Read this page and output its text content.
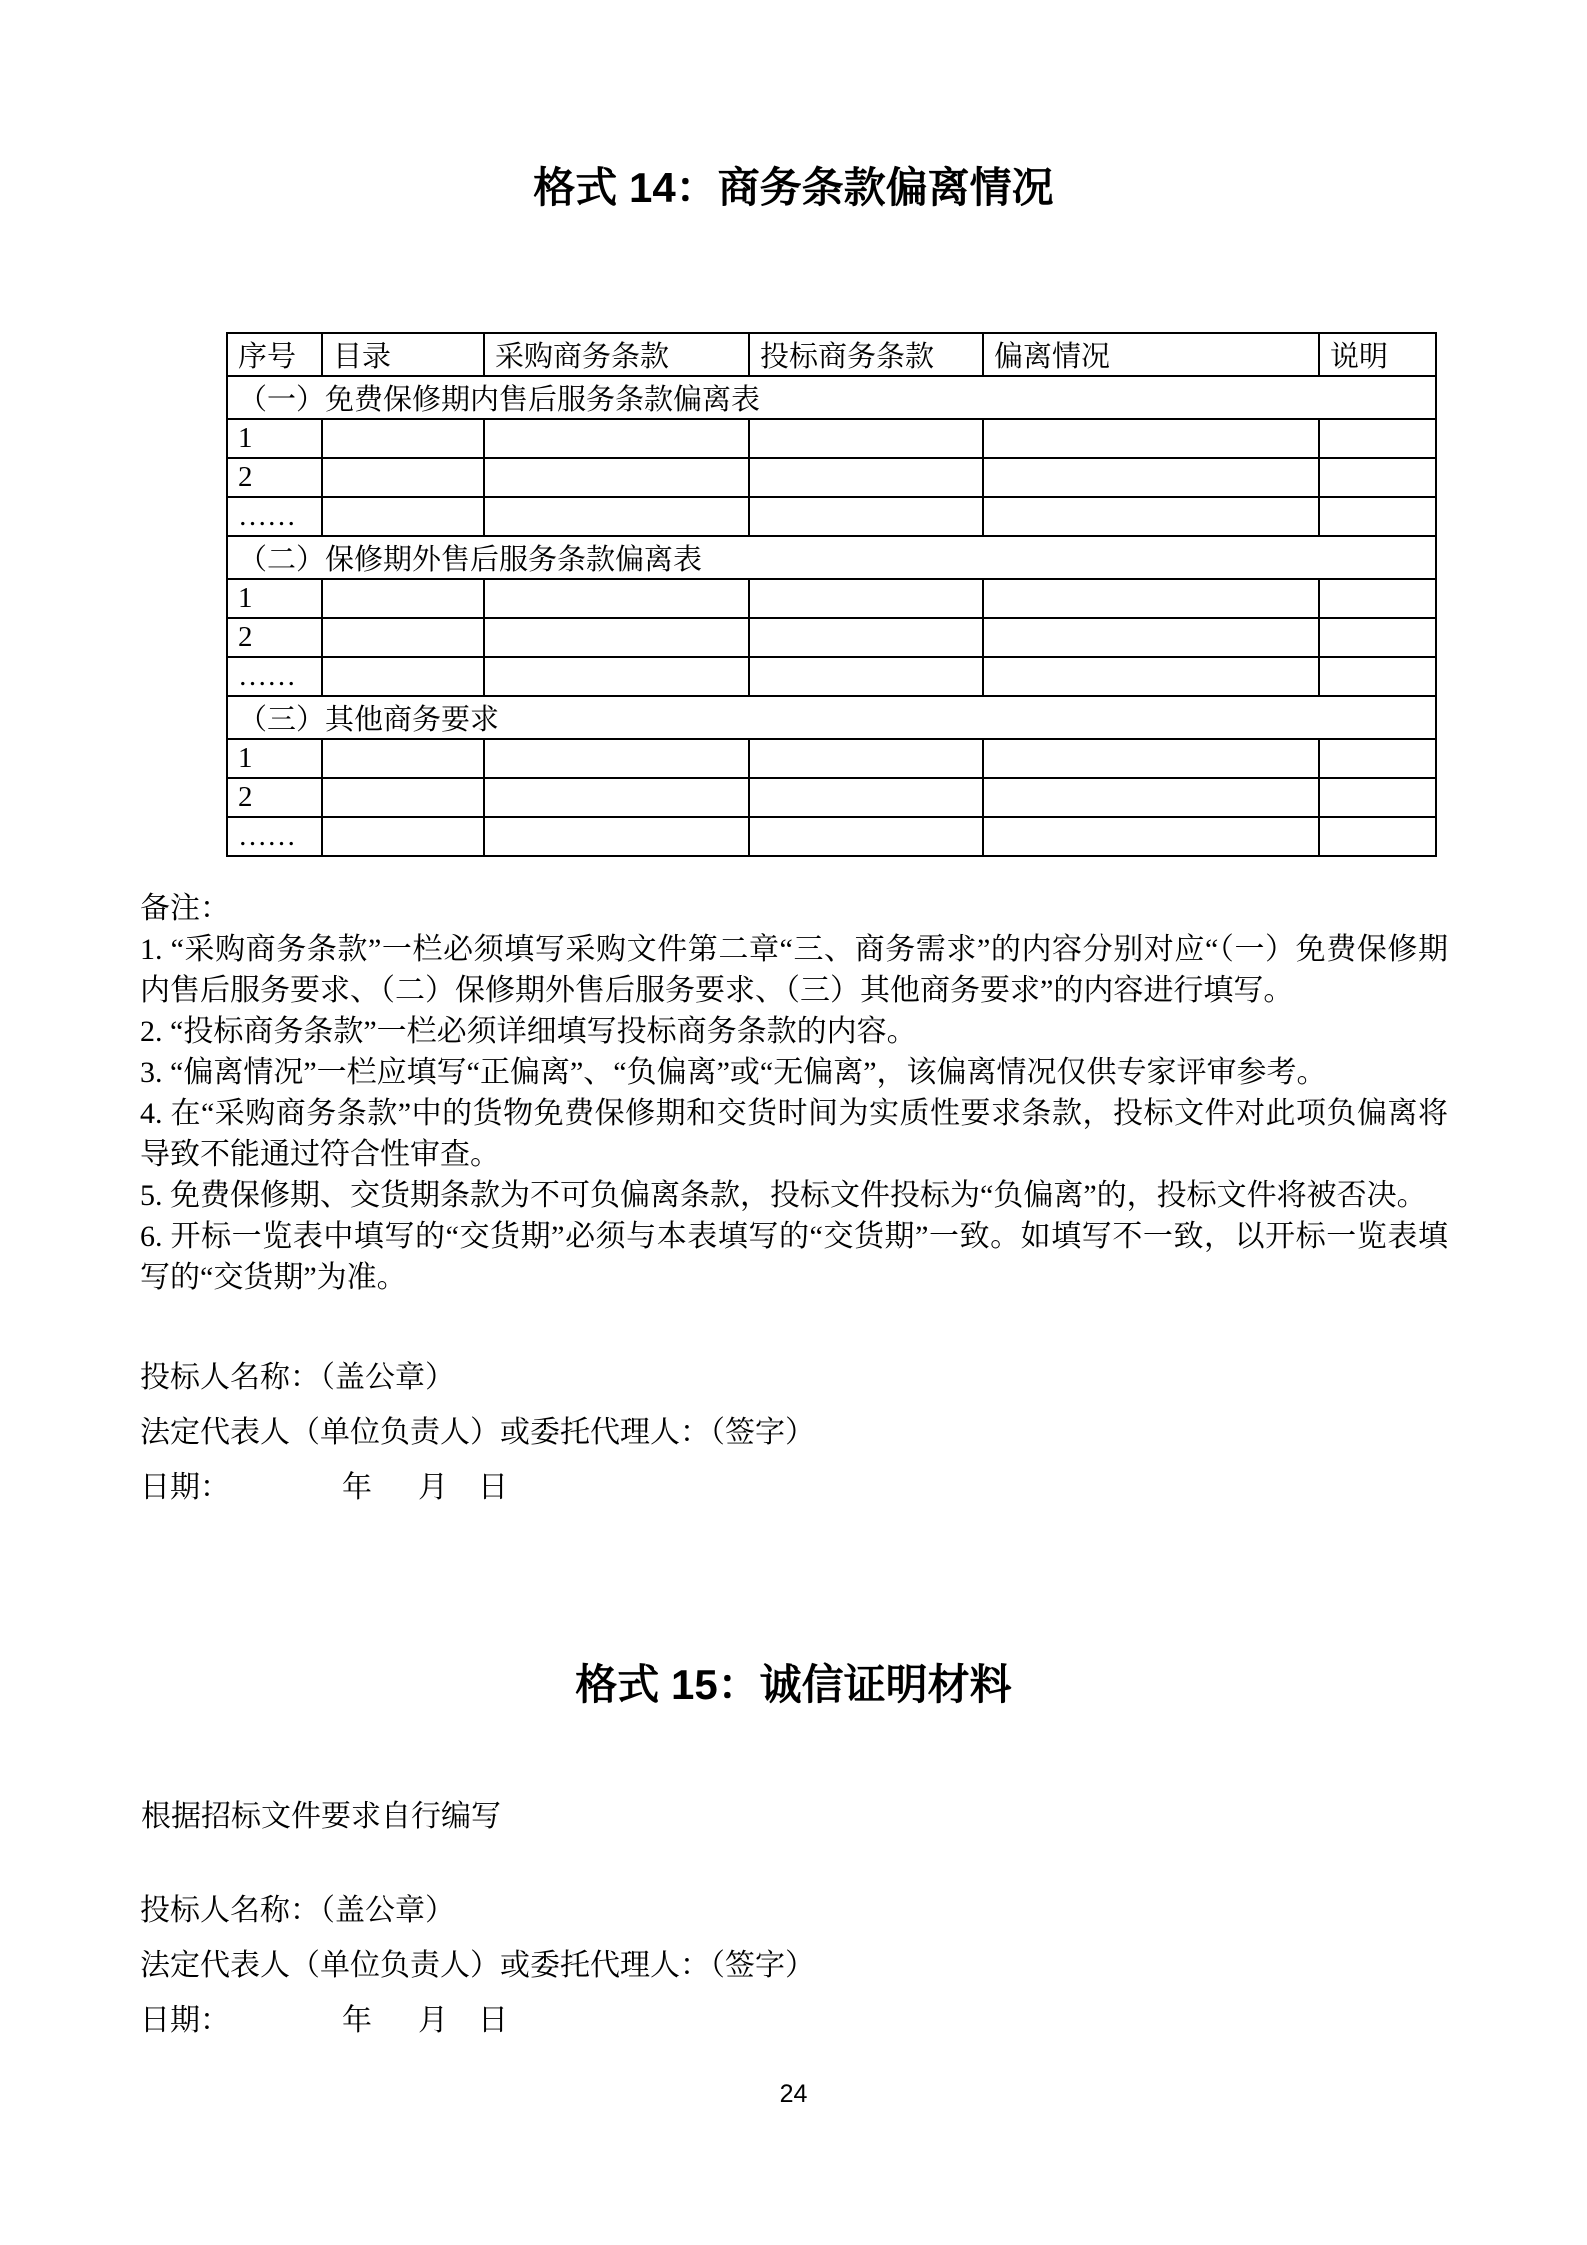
格式 14：商务条款偏离情况
序号	目录	采购商务条款	投标商务条款	偏离情况	说明
（一）免费保修期内售后服务条款偏离表					
1					
2					
……					
（二）保修期外售后服务条款偏离表					
1					
2					
……					
（三）其他商务要求					
1					
2					
……					
备注：
1. “采购商务条款”一栏必须填写采购文件第二章“三、商务需求”的内容分别对应“（一）免费保修期内售后服务要求、（二）保修期外售后服务要求、（三）其他商务要求”的内容进行填写。
2. “投标商务条款”一栏必须详细填写投标商务条款的内容。
3. “偏离情况”一栏应填写“正偏离”、“负偏离”或“无偏离”，该偏离情况仅供专家评审参考。
4. 在“采购商务条款”中的货物免费保修期和交货时间为实质性要求条款，投标文件对此项负偏离将导致不能通过符合性审查。
5. 免费保修期、交货期条款为不可负偏离条款，投标文件投标为“负偏离”的，投标文件将被否决。
6. 开标一览表中填写的“交货期”必须与本表填写的“交货期”一致。如填写不一致，以开标一览表填写的“交货期”为准。

投标人名称：（盖公章）

法定代表人（单位负责人）或委托代理人：（签字）

日期：	年 月 日

格式 15：诚信证明材料
根据招标文件要求自行编写

投标人名称：（盖公章）

法定代表人（单位负责人）或委托代理人：（签字）

日期：	年 月 日

24
